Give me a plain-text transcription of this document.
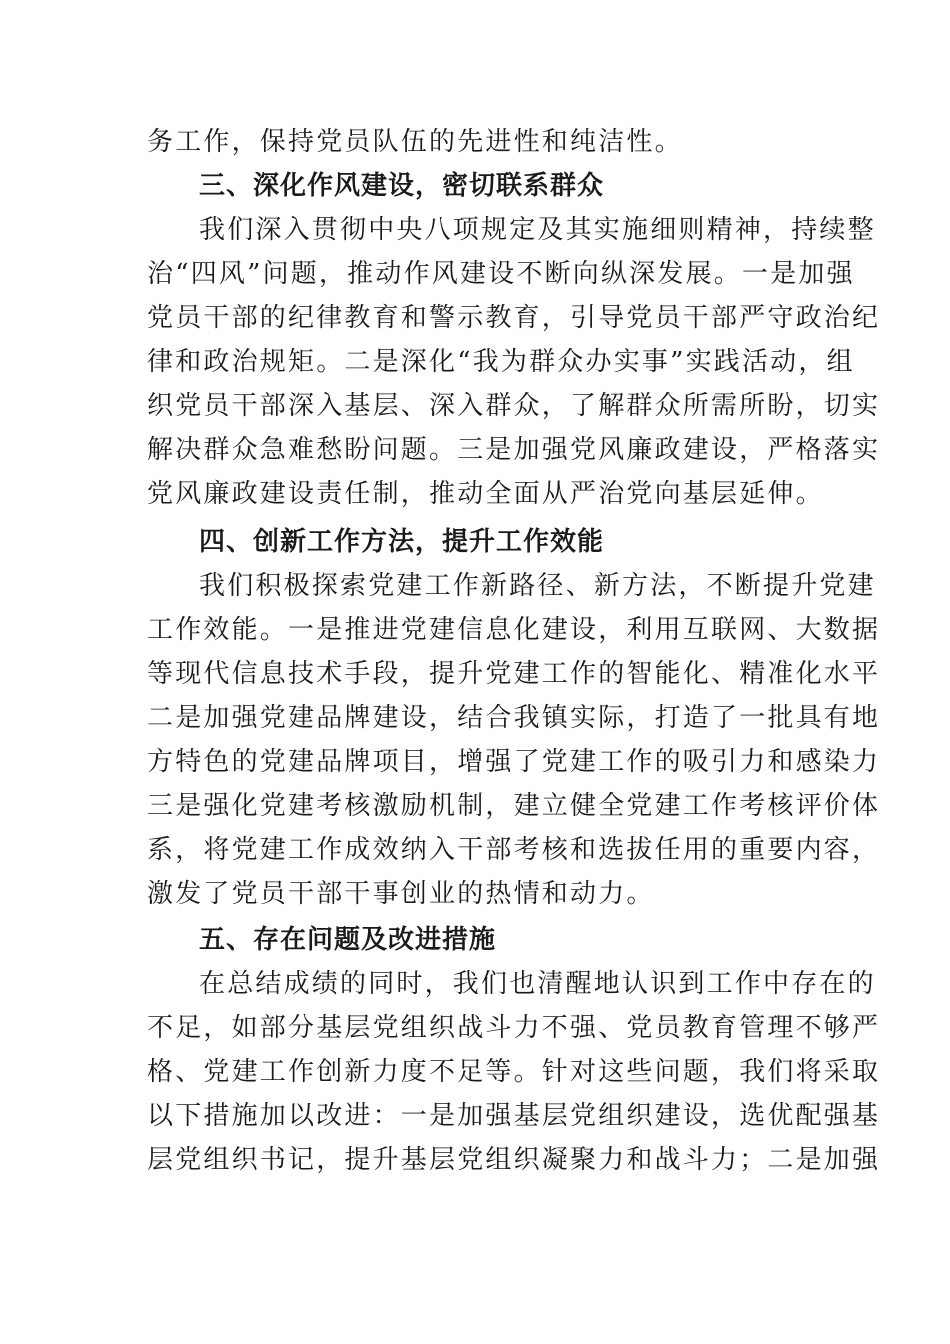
务工作，保持党员队伍的先进性和纯洁性。
三、深化作风建设，密切联系群众
我们深入贯彻中央八项规定及其实施细则精神，持续整
治“四风”问题，推动作风建设不断向纵深发展。一是加强
党员干部的纪律教育和警示教育，引导党员干部严守政治纪
律和政治规矩。二是深化“我为群众办实事”实践活动，组
织党员干部深入基层、深入群众，了解群众所需所盼，切实
解决群众急难愁盼问题。三是加强党风廉政建设，严格落实
党风廉政建设责任制，推动全面从严治党向基层延伸。
四、创新工作方法，提升工作效能
我们积极探索党建工作新路径、新方法，不断提升党建
工作效能。一是推进党建信息化建设，利用互联网、大数据
等现代信息技术手段，提升党建工作的智能化、精准化水平
二是加强党建品牌建设，结合我镇实际，打造了一批具有地
方特色的党建品牌项目，增强了党建工作的吸引力和感染力
三是强化党建考核激励机制，建立健全党建工作考核评价体
系，将党建工作成效纳入干部考核和选拔任用的重要内容，
激发了党员干部干事创业的热情和动力。
五、存在问题及改进措施
在总结成绩的同时，我们也清醒地认识到工作中存在的
不足，如部分基层党组织战斗力不强、党员教育管理不够严
格、党建工作创新力度不足等。针对这些问题，我们将采取
以下措施加以改进：一是加强基层党组织建设，选优配强基
层党组织书记，提升基层党组织凝聚力和战斗力；二是加强
